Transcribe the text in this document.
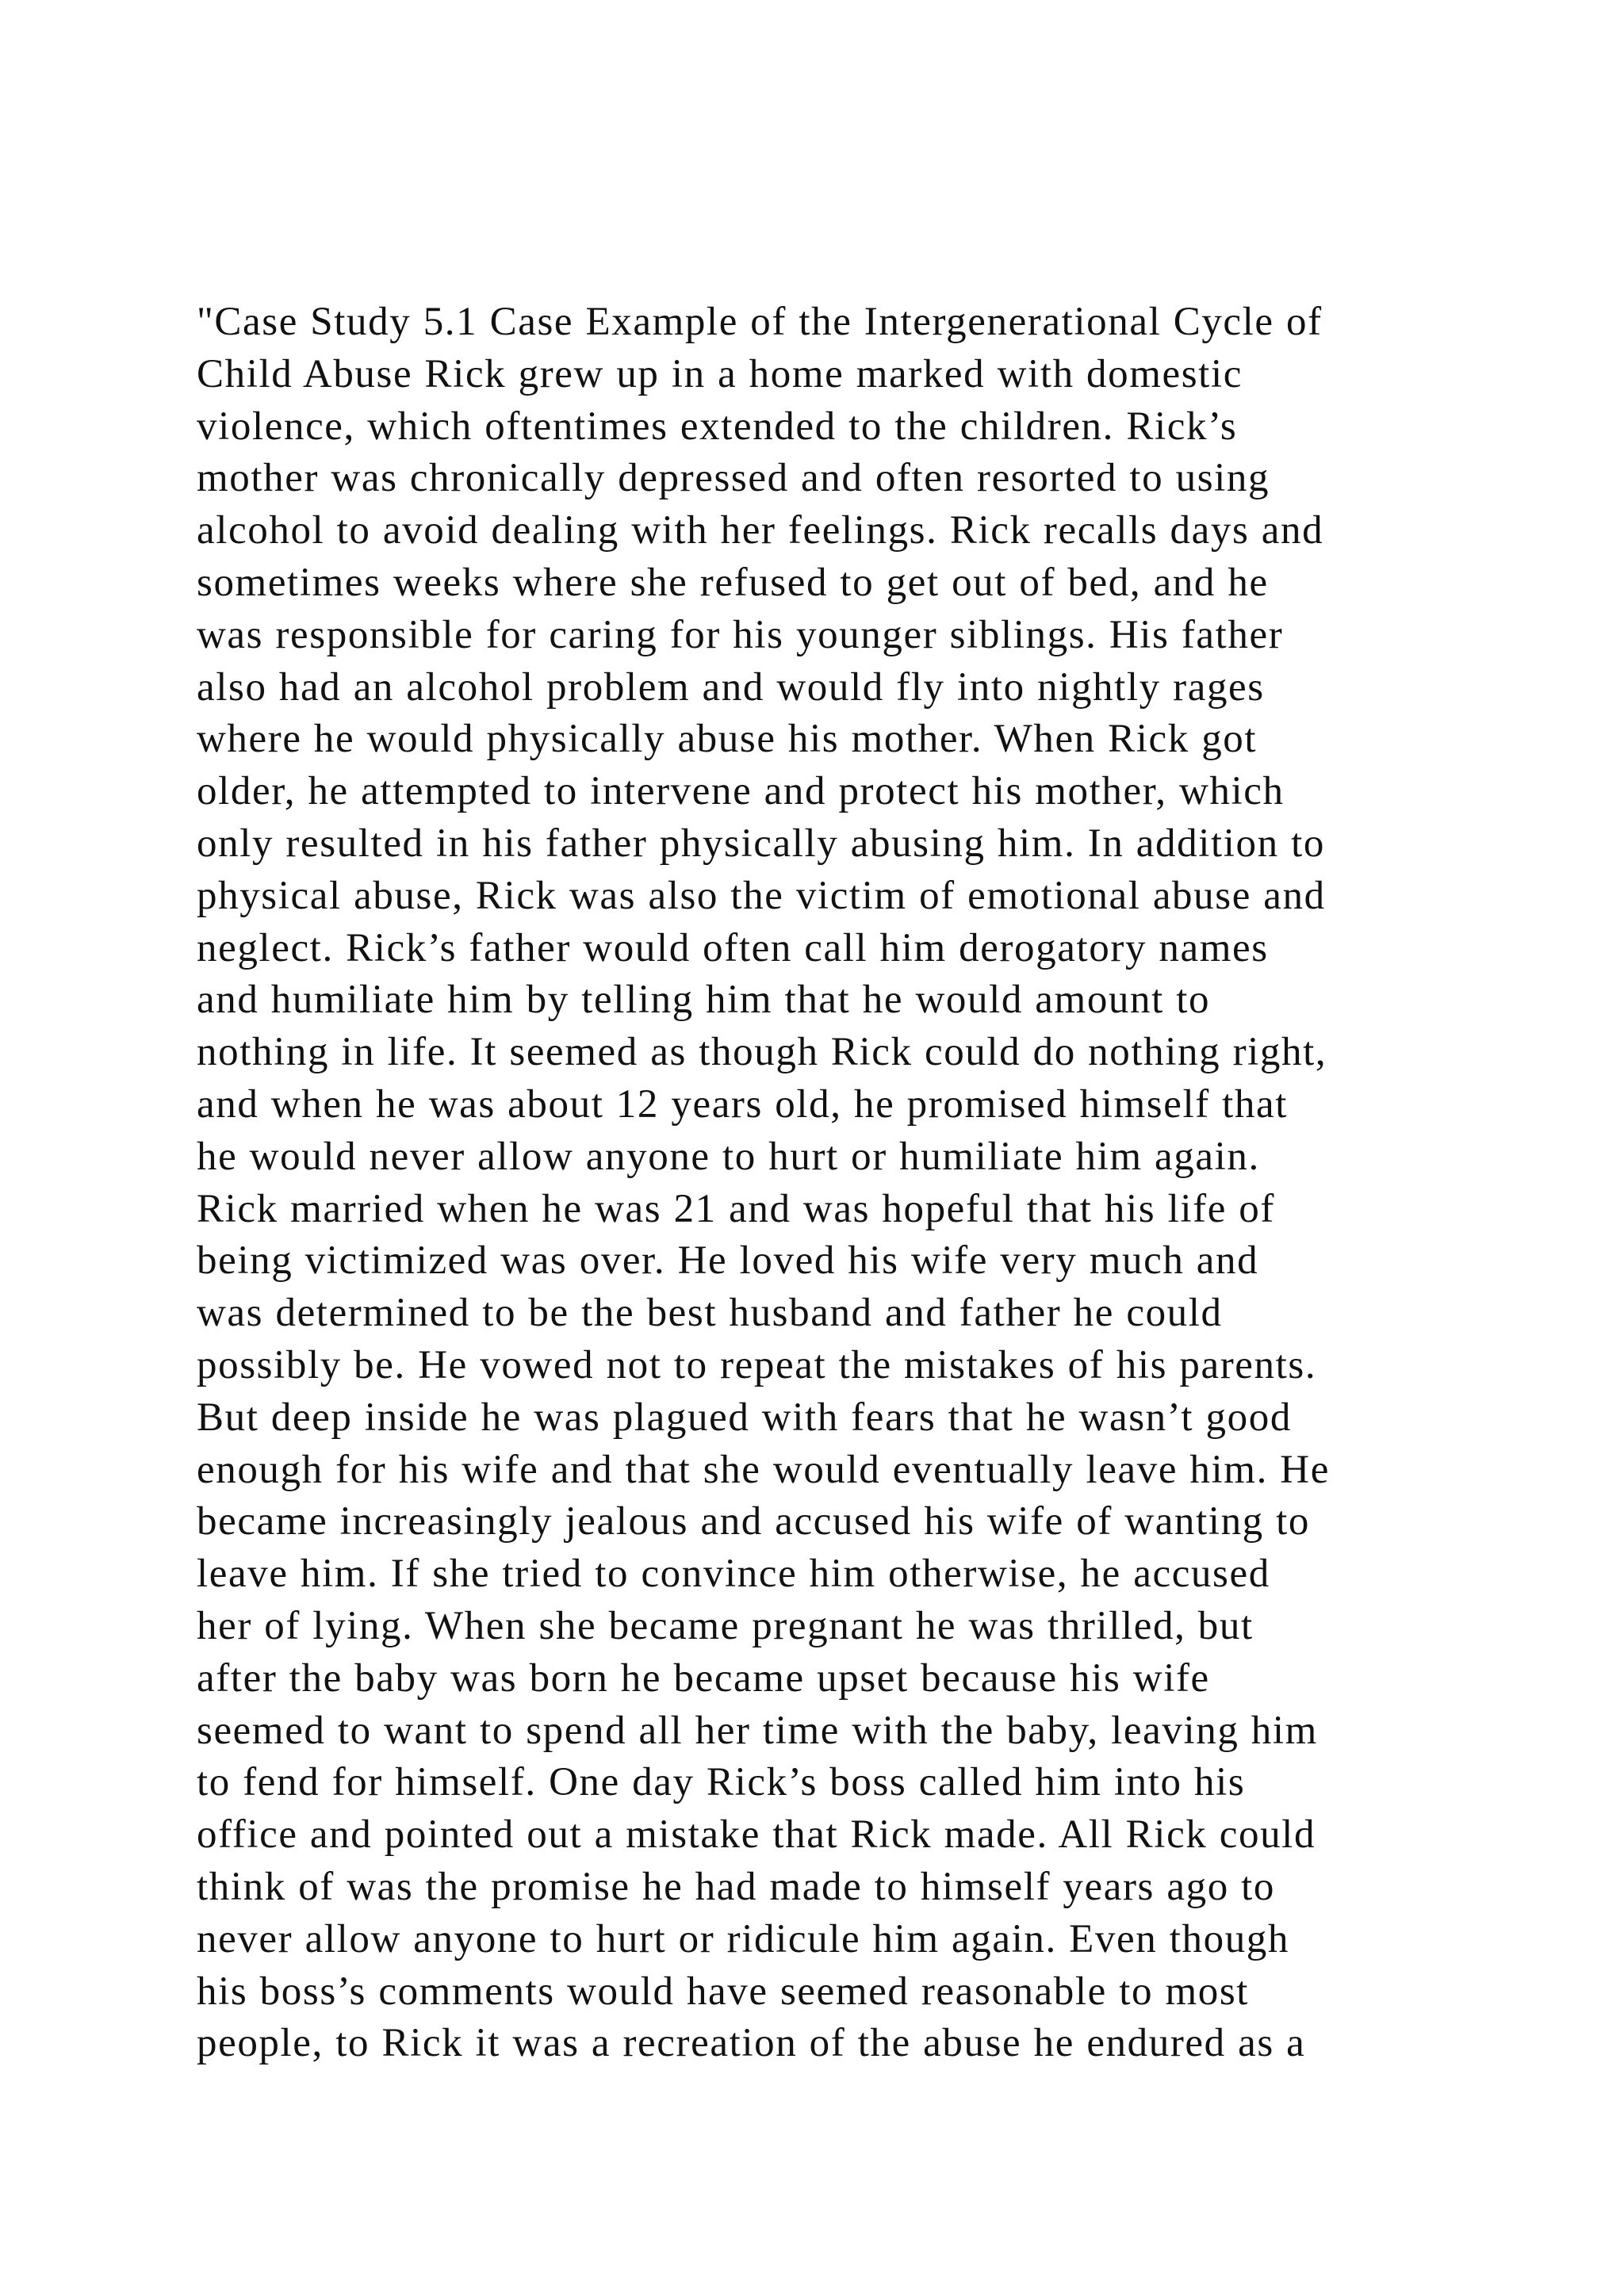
"Case Study 5.1 Case Example of the Intergenerational Cycle of
Child Abuse Rick grew up in a home marked with domestic
violence, which oftentimes extended to the children. Rick’s
mother was chronically depressed and often resorted to using
alcohol to avoid dealing with her feelings. Rick recalls days and
sometimes weeks where she refused to get out of bed, and he
was responsible for caring for his younger siblings. His father
also had an alcohol problem and would fly into nightly rages
where he would physically abuse his mother. When Rick got
older, he attempted to intervene and protect his mother, which
only resulted in his father physically abusing him. In addition to
physical abuse, Rick was also the victim of emotional abuse and
neglect. Rick’s father would often call him derogatory names
and humiliate him by telling him that he would amount to
nothing in life. It seemed as though Rick could do nothing right,
and when he was about 12 years old, he promised himself that
he would never allow anyone to hurt or humiliate him again.
Rick married when he was 21 and was hopeful that his life of
being victimized was over. He loved his wife very much and
was determined to be the best husband and father he could
possibly be. He vowed not to repeat the mistakes of his parents.
But deep inside he was plagued with fears that he wasn’t good
enough for his wife and that she would eventually leave him. He
became increasingly jealous and accused his wife of wanting to
leave him. If she tried to convince him otherwise, he accused
her of lying. When she became pregnant he was thrilled, but
after the baby was born he became upset because his wife
seemed to want to spend all her time with the baby, leaving him
to fend for himself. One day Rick’s boss called him into his
office and pointed out a mistake that Rick made. All Rick could
think of was the promise he had made to himself years ago to
never allow anyone to hurt or ridicule him again. Even though
his boss’s comments would have seemed reasonable to most
people, to Rick it was a recreation of the abuse he endured as a
